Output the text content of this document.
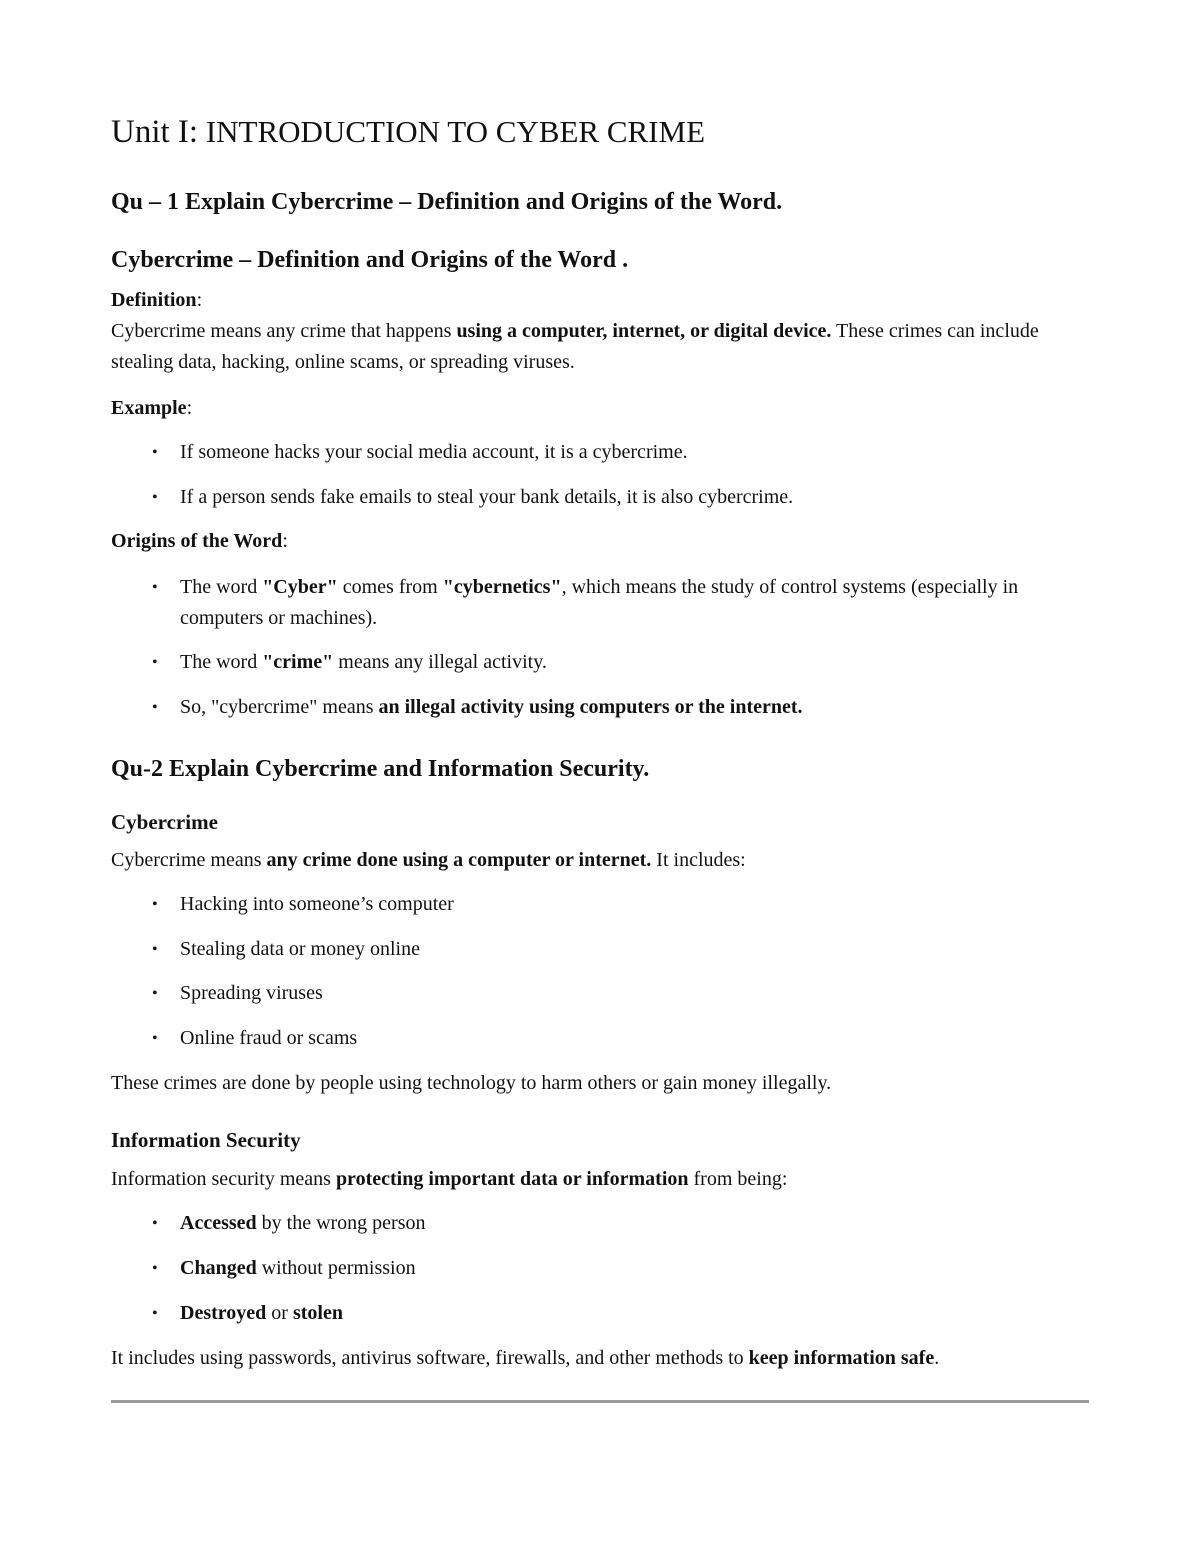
Unit I: INTRODUCTION TO CYBER CRIME
Qu – 1 Explain Cybercrime – Definition and Origins of the Word.
Cybercrime – Definition and Origins of the Word .
Definition:
Cybercrime means any crime that happens using a computer, internet, or digital device. These crimes can include stealing data, hacking, online scams, or spreading viruses.
Example:
• If someone hacks your social media account, it is a cybercrime.
• If a person sends fake emails to steal your bank details, it is also cybercrime.
Origins of the Word:
• The word "Cyber" comes from "cybernetics", which means the study of control systems (especially in computers or machines).
• The word "crime" means any illegal activity.
• So, "cybercrime" means an illegal activity using computers or the internet.
Qu-2 Explain Cybercrime and Information Security.
Cybercrime
Cybercrime means any crime done using a computer or internet. It includes:
• Hacking into someone’s computer
• Stealing data or money online
• Spreading viruses
• Online fraud or scams
These crimes are done by people using technology to harm others or gain money illegally.
Information Security
Information security means protecting important data or information from being:
• Accessed by the wrong person
• Changed without permission
• Destroyed or stolen
It includes using passwords, antivirus software, firewalls, and other methods to keep information safe.
